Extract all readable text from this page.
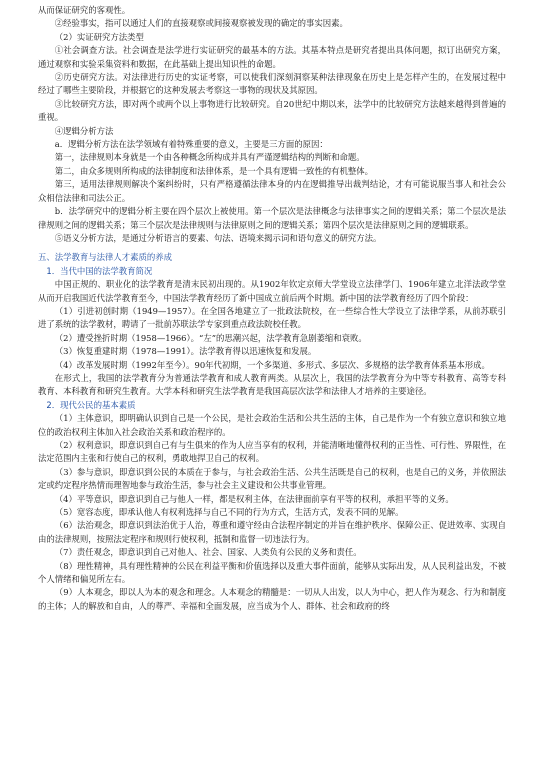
从而保证研究的客观性。

②经验事实，指可以通过人们的直接观察或间接观察被发现的确定的事实因素。

（2）实证研究方法类型

①社会调查方法。社会调查是法学进行实证研究的最基本的方法。其基本特点是研究者提出具体问题，拟订出研究方案，通过观察和实验采集资料和数据，在此基础上提出知识性的命题。

②历史研究方法。对法律进行历史的实证考察，可以使我们深刻洞察某种法律现象在历史上是怎样产生的，在发展过程中经过了哪些主要阶段，并根据它的这种发展去考察这一事物的现状及其原因。

③比较研究方法，即对两个或两个以上事物进行比较研究。自20世纪中期以来，法学中的比较研究方法越来越得到普遍的重视。

④逻辑分析方法

a．逻辑分析方法在法学领域有着特殊重要的意义，主要是三方面的原因：

第一，法律规则本身就是一个由各种概念所构成并具有严谨逻辑结构的判断和命题。

第二，由众多规则所构成的法律制度和法律体系，是一个具有逻辑一致性的有机整体。

第三，适用法律规则解决个案纠纷时，只有严格遵循法律本身的内在逻辑推导出裁判结论，才有可能说服当事人和社会公众相信法律和司法公正。

b．法学研究中的逻辑分析主要在四个层次上被使用。第一个层次是法律概念与法律事实之间的逻辑关系；第二个层次是法律规则之间的逻辑关系；第三个层次是法律规则与法律原则之间的逻辑关系；第四个层次是法律原则之间的逻辑联系。

⑤语义分析方法，是通过分析语言的要素、句法、语境来揭示词和语句意义的研究方法。

五、法学教育与法律人才素质的养成

1．当代中国的法学教育简况

中国正规的、职业化的法学教育是清末民初出现的。从1902年钦定京师大学堂设立法律学门、1906年建立北洋法政学堂从而开启我国近代法学教育至今，中国法学教育经历了新中国成立前后两个时期。新中国的法学教育经历了四个阶段：

（1）引进初创时期（1949—1957）。在全国各地建立了一批政法院校，在一些综合性大学设立了法律学系，从前苏联引进了系统的法学教材，聘请了一批前苏联法学专家到重点政法院校任教。

（2）遭受挫折时期（1958—1966）。“左”的思潮兴起，法学教育急剧萎缩和衰败。

（3）恢复重建时期（1978—1991）。法学教育得以迅速恢复和发展。

（4）改革发展时期（1992年至今）。90年代初期，一个多渠道、多形式、多层次、多规格的法学教育体系基本形成。

在形式上，我国的法学教育分为普通法学教育和成人教育两类。从层次上，我国的法学教育分为中等专科教育、高等专科教育、本科教育和研究生教育。大学本科和研究生法学教育是我国高层次法学和法律人才培养的主要途径。

2．现代公民的基本素质

（1）主体意识，即明确认识到自己是一个公民，是社会政治生活和公共生活的主体，自己是作为一个有独立意识和独立地位的政治权利主体加入社会政治关系和政治程序的。

（2）权利意识，即意识到自己有与生俱来的作为人应当享有的权利，并能清晰地懂得权利的正当性、可行性、界限性，在法定范围内主张和行使自己的权利，勇敢地捍卫自己的权利。

（3）参与意识，即意识到公民的本质在于参与，与社会政治生活、公共生活既是自己的权利，也是自己的义务，并依照法定或约定程序热情而理智地参与政治生活，参与社会主义建设和公共事业管理。

（4）平等意识，即意识到自己与他人一样，都是权利主体，在法律面前享有平等的权利，承担平等的义务。

（5）宽容态度，即承认他人有权利选择与自己不同的行为方式，生活方式，发表不同的见解。

（6）法治观念，即意识到法治优于人治，尊重和遵守经由合法程序制定的并旨在维护秩序、保障公正、促进效率、实现自由的法律规则，按照法定程序和规则行使权利，抵制和监督一切违法行为。

（7）责任观念，即意识到自己对他人、社会、国家、人类负有公民的义务和责任。

（8）理性精神，具有理性精神的公民在利益平衡和价值选择以及重大事件面前，能够从实际出发，从人民利益出发，不被个人情绪和偏见所左右。

（9）人本观念，即以人为本的观念和理念。人本观念的精髓是：一切从人出发，以人为中心，把人作为观念、行为和制度的主体；人的解放和自由，人的尊严、幸福和全面发展，应当成为个人、群体、社会和政府的终
